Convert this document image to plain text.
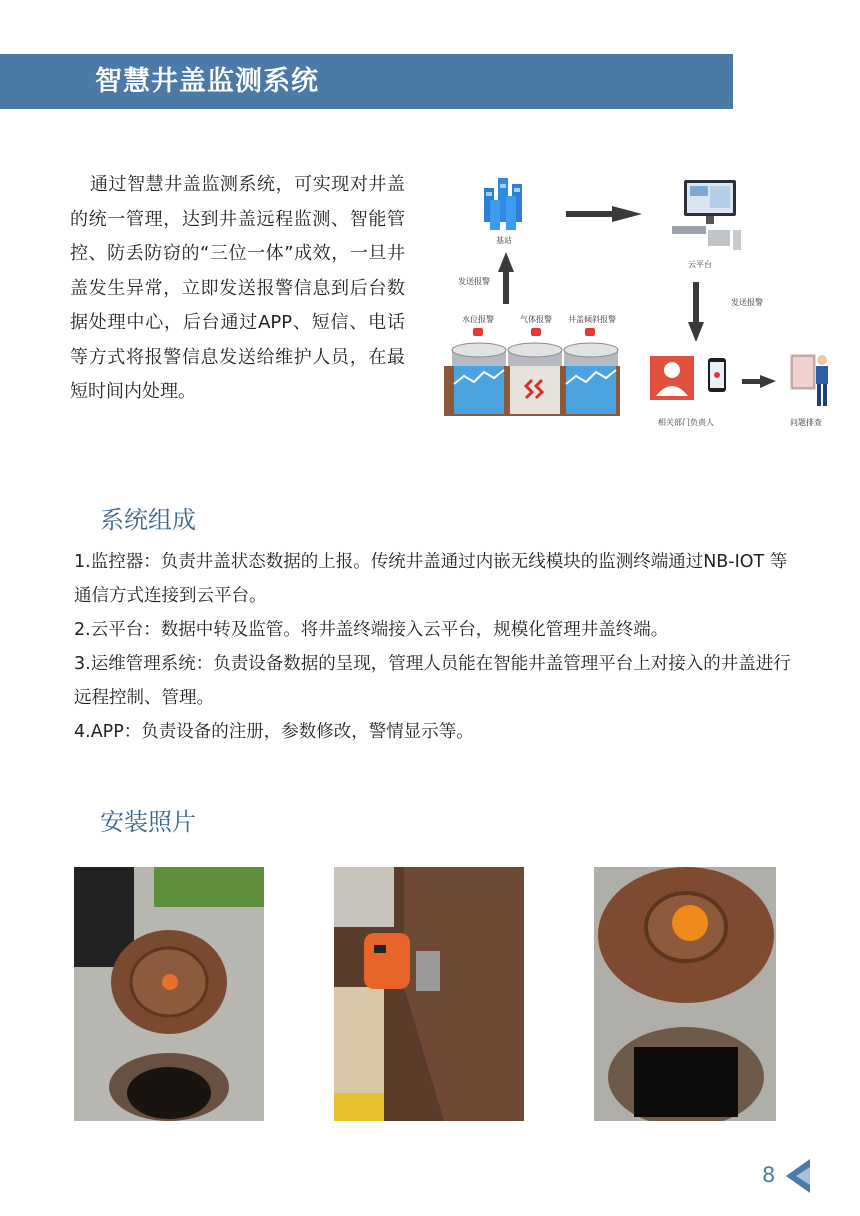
智慧井盖监测系统

通过智慧井盖监测系统，可实现对井盖的统一管理，达到井盖远程监测、智能管控、防丢防窃的“三位一体”成效，一旦井盖发生异常，立即发送报警信息到后台数据处理中心，后台通过APP、短信、电话等方式将报警信息发送给维护人员，在最短时间内处理。

基站
云平台
发送报警
发送报警
水位报警	气体报警 井盖倾斜报警
相关部门负责人	问题排查
系统组成
1.监控器：负责井盖状态数据的上报。传统井盖通过内嵌无线模块的监测终端通过NB-IOT 等通信方式连接到云平台。
2.云平台：数据中转及监管。将井盖终端接入云平台，规模化管理井盖终端。
3.运维管理系统：负责设备数据的呈现，管理人员能在智能井盖管理平台上对接入的井盖进行远程控制、管理。
4.APP：负责设备的注册，参数修改，警情显示等。
安装照片
8
